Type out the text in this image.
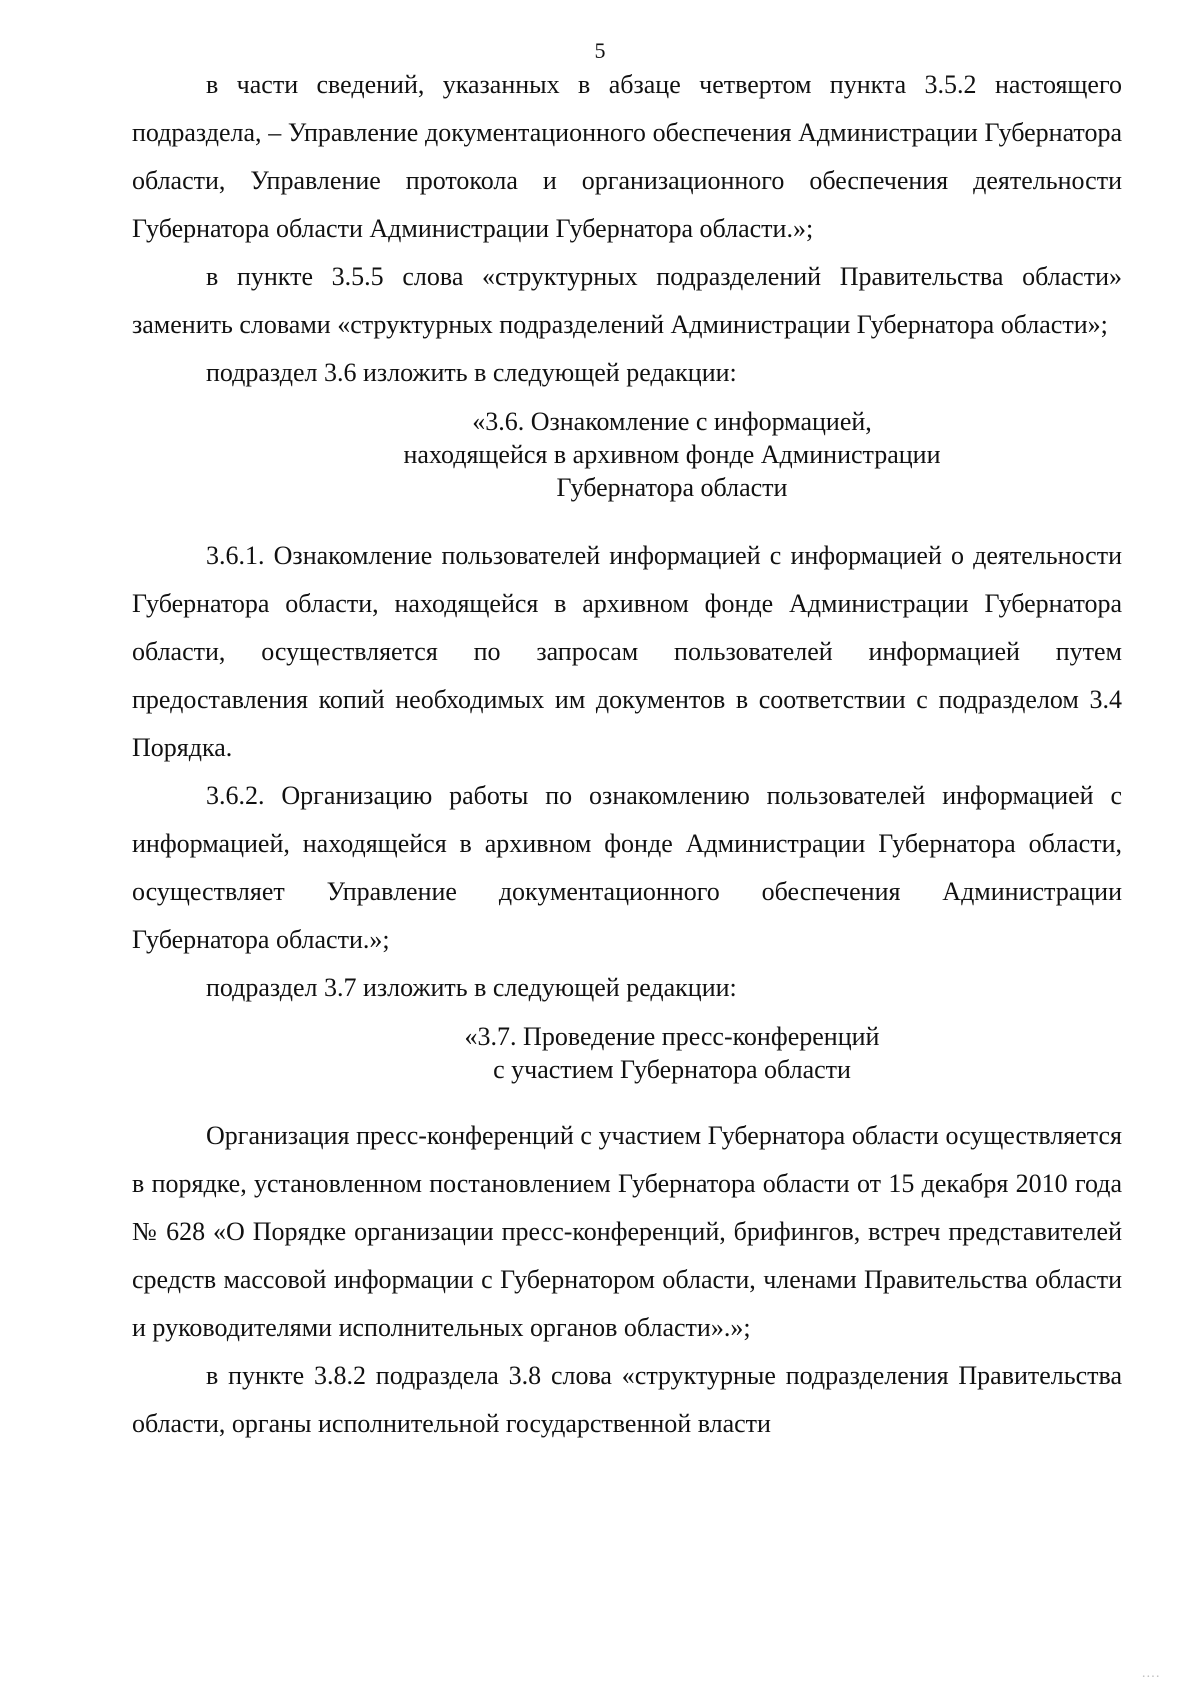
5

в части сведений, указанных в абзаце четвертом пункта 3.5.2 настоящего подраздела, – Управление документационного обеспечения Администрации Губернатора области, Управление протокола и организационного обеспечения деятельности Губернатора области Администрации Губернатора области.»;

в пункте 3.5.5 слова «структурных подразделений Правительства области» заменить словами «структурных подразделений Администрации Губернатора области»;

подраздел 3.6 изложить в следующей редакции:

«3.6. Ознакомление с информацией,
находящейся в архивном фонде Администрации
Губернатора области

3.6.1. Ознакомление пользователей информацией с информацией о деятельности Губернатора области, находящейся в архивном фонде Администрации Губернатора области, осуществляется по запросам пользователей информацией путем предоставления копий необходимых им документов в соответствии с подразделом 3.4 Порядка.

3.6.2. Организацию работы по ознакомлению пользователей информацией с информацией, находящейся в архивном фонде Администрации Губернатора области, осуществляет Управление документационного обеспечения Администрации Губернатора области.»;

подраздел 3.7 изложить в следующей редакции:

«3.7. Проведение пресс-конференций
с участием Губернатора области

Организация пресс-конференций с участием Губернатора области осуществляется в порядке, установленном постановлением Губернатора области от 15 декабря 2010 года № 628 «О Порядке организации пресс-конференций, брифингов, встреч представителей средств массовой информации с Губернатором области, членами Правительства области и руководителями исполнительных органов области».»;

в пункте 3.8.2 подраздела 3.8 слова «структурные подразделения Правительства области, органы исполнительной государственной власти

····
